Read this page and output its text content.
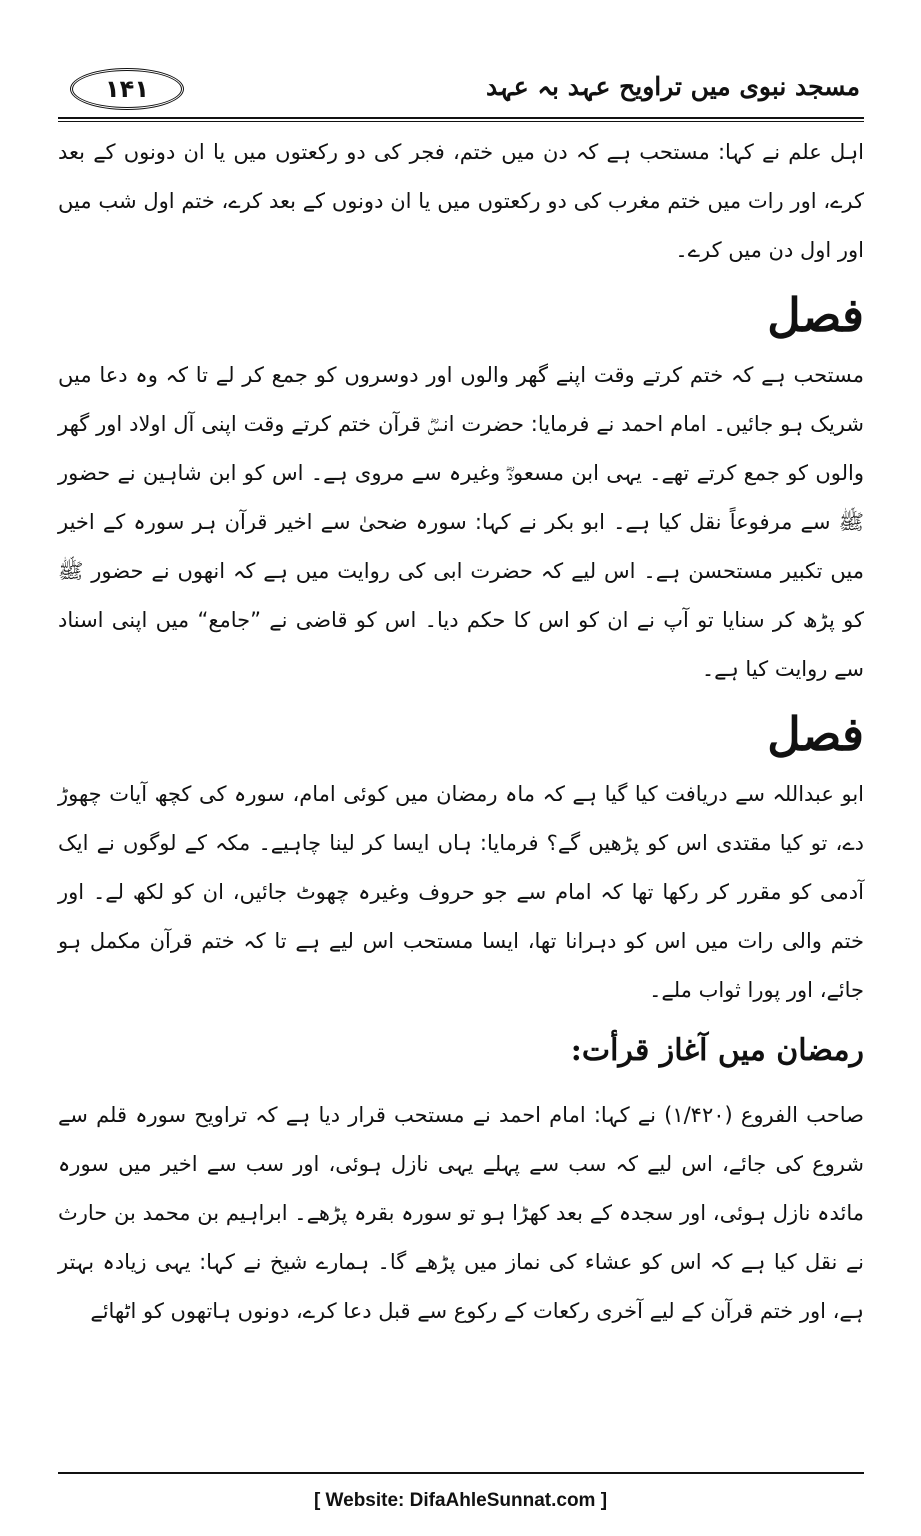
مسجد نبوی میں تراویح عہد بہ عہد
١۴١

اہل علم نے کہا: مستحب ہے کہ دن میں ختم، فجر کی دو رکعتوں میں یا ان دونوں کے بعد کرے، اور رات میں ختم مغرب کی دو رکعتوں میں یا ان دونوں کے بعد کرے، ختم اول شب میں اور اول دن میں کرے۔

فصل

مستحب ہے کہ ختم کرتے وقت اپنے گھر والوں اور دوسروں کو جمع کر لے تا کہ وہ دعا میں شریک ہو جائیں۔ امام احمد نے فرمایا: حضرت انسؓ قرآن ختم کرتے وقت اپنی آل اولاد اور گھر والوں کو جمع کرتے تھے۔ یہی ابن مسعودؓ وغیرہ سے مروی ہے۔ اس کو ابن شاہین نے حضور ﷺ سے مرفوعاً نقل کیا ہے۔ ابو بکر نے کہا: سورہ ضحیٰ سے اخیر قرآن ہر سورہ کے اخیر میں تکبیر مستحسن ہے۔ اس لیے کہ حضرت ابی کی روایت میں ہے کہ انھوں نے حضور ﷺ کو پڑھ کر سنایا تو آپ نے ان کو اس کا حکم دیا۔ اس کو قاضی نے ”جامع“ میں اپنی اسناد سے روایت کیا ہے۔

فصل

ابو عبداللہ سے دریافت کیا گیا ہے کہ ماہ رمضان میں کوئی امام، سورہ کی کچھ آیات چھوڑ دے، تو کیا مقتدی اس کو پڑھیں گے؟ فرمایا: ہاں ایسا کر لینا چاہیے۔ مکہ کے لوگوں نے ایک آدمی کو مقرر کر رکھا تھا کہ امام سے جو حروف وغیرہ چھوٹ جائیں، ان کو لکھ لے۔ اور ختم والی رات میں اس کو دہرانا تھا، ایسا مستحب اس لیے ہے تا کہ ختم قرآن مکمل ہو جائے، اور پورا ثواب ملے۔

رمضان میں آغاز قرأت:

صاحب الفروع (١/۴٢٠) نے کہا: امام احمد نے مستحب قرار دیا ہے کہ تراویح سورہ قلم سے شروع کی جائے، اس لیے کہ سب سے پہلے یہی نازل ہوئی، اور سب سے اخیر میں سورہ مائدہ نازل ہوئی، اور سجدہ کے بعد کھڑا ہو تو سورہ بقرہ پڑھے۔ ابراہیم بن محمد بن حارث نے نقل کیا ہے کہ اس کو عشاء کی نماز میں پڑھے گا۔ ہمارے شیخ نے کہا: یہی زیادہ بہتر ہے، اور ختم قرآن کے لیے آخری رکعات کے رکوع سے قبل دعا کرے، دونوں ہاتھوں کو اٹھائے

[ Website: DifaAhleSunnat.com ]
